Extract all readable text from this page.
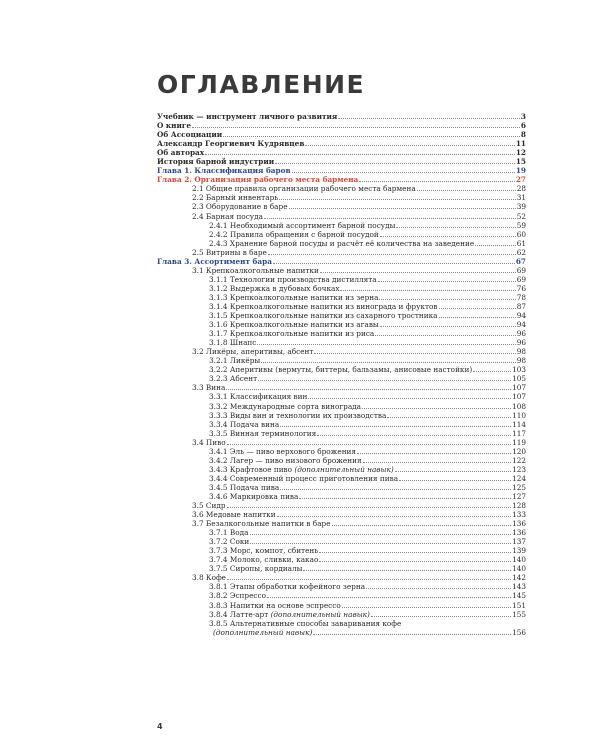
ОГЛАВЛЕНИЕ
Учебник — инструмент личного развития	3
О книге	6
Об Ассоциации	8
Александр Георгиевич Кудрявцев	11
Об авторах	12
История барной индустрии	15
Глава 1. Классификация баров	19
Глава 2. Организация рабочего места бармена	27
2.1 Общие правила организации рабочего места бармена	28
2.2 Барный инвентарь	31
2.3 Оборудование в баре	39
2.4 Барная посуда	52
2.4.1 Необходимый ассортимент барной посуды	59
2.4.2 Правила обращения с барной посудой	60
2.4.3 Хранение барной посуды и расчёт её количества на заведение	61
2.5 Витрины в баре	62
Глава 3. Ассортимент бара	67
3.1 Крепкоалкогольные напитки	69
3.1.1 Технологии производства дистиллята	69
3.1.2 Выдержка в дубовых бочках	76
3.1.3 Крепкоалкогольные напитки из зерна	78
3.1.4 Крепкоалкогольные напитки из винограда и фруктов	87
3.1.5 Крепкоалкогольные напитки из сахарного тростника	94
3.1.6 Крепкоалкогольные напитки из агавы	94
3.1.7 Крепкоалкогольные напитки из риса	96
3.1.8 Шнапс	96
3.2 Ликёры, аперитивы, абсент	98
3.2.1 Ликёры	98
3.2.2 Аперитивы (вермуты, биттеры, бальзамы, анисовые настойки)	103
3.2.3 Абсент	105
3.3 Вина	107
3.3.1 Классификация вин	107
3.3.2 Международные сорта винограда	108
3.3.3 Виды вин и технологии их производства	110
3.3.4 Подача вина	114
3.3.5 Винная терминология	117
3.4 Пиво	119
3.4.1 Эль — пиво верхового брожения	120
3.4.2 Лагер — пиво низового брожения	122
3.4.3 Крафтовое пиво (дополнительный навык)	123
3.4.4 Современный процесс приготовления пива	124
3.4.5 Подача пива	125
3.4.6 Маркировка пива	127
3.5 Сидр	128
3.6 Медовые напитки	133
3.7 Безалкогольные напитки в баре	136
3.7.1 Вода	136
3.7.2 Соки	137
3.7.3 Морс, компот, сбитень	139
3.7.4 Молоко, сливки, какао	140
3.7.5 Сиропы, кордиалы	140
3.8 Кофе	142
3.8.1 Этапы обработки кофейного зерна	143
3.8.2 Эспрессо	145
3.8.3 Напитки на основе эспрессо	151
3.8.4 Латте-арт (дополнительный навык)	155
3.8.5 Альтернативные способы заваривания кофе
(дополнительный навык)	156
4
